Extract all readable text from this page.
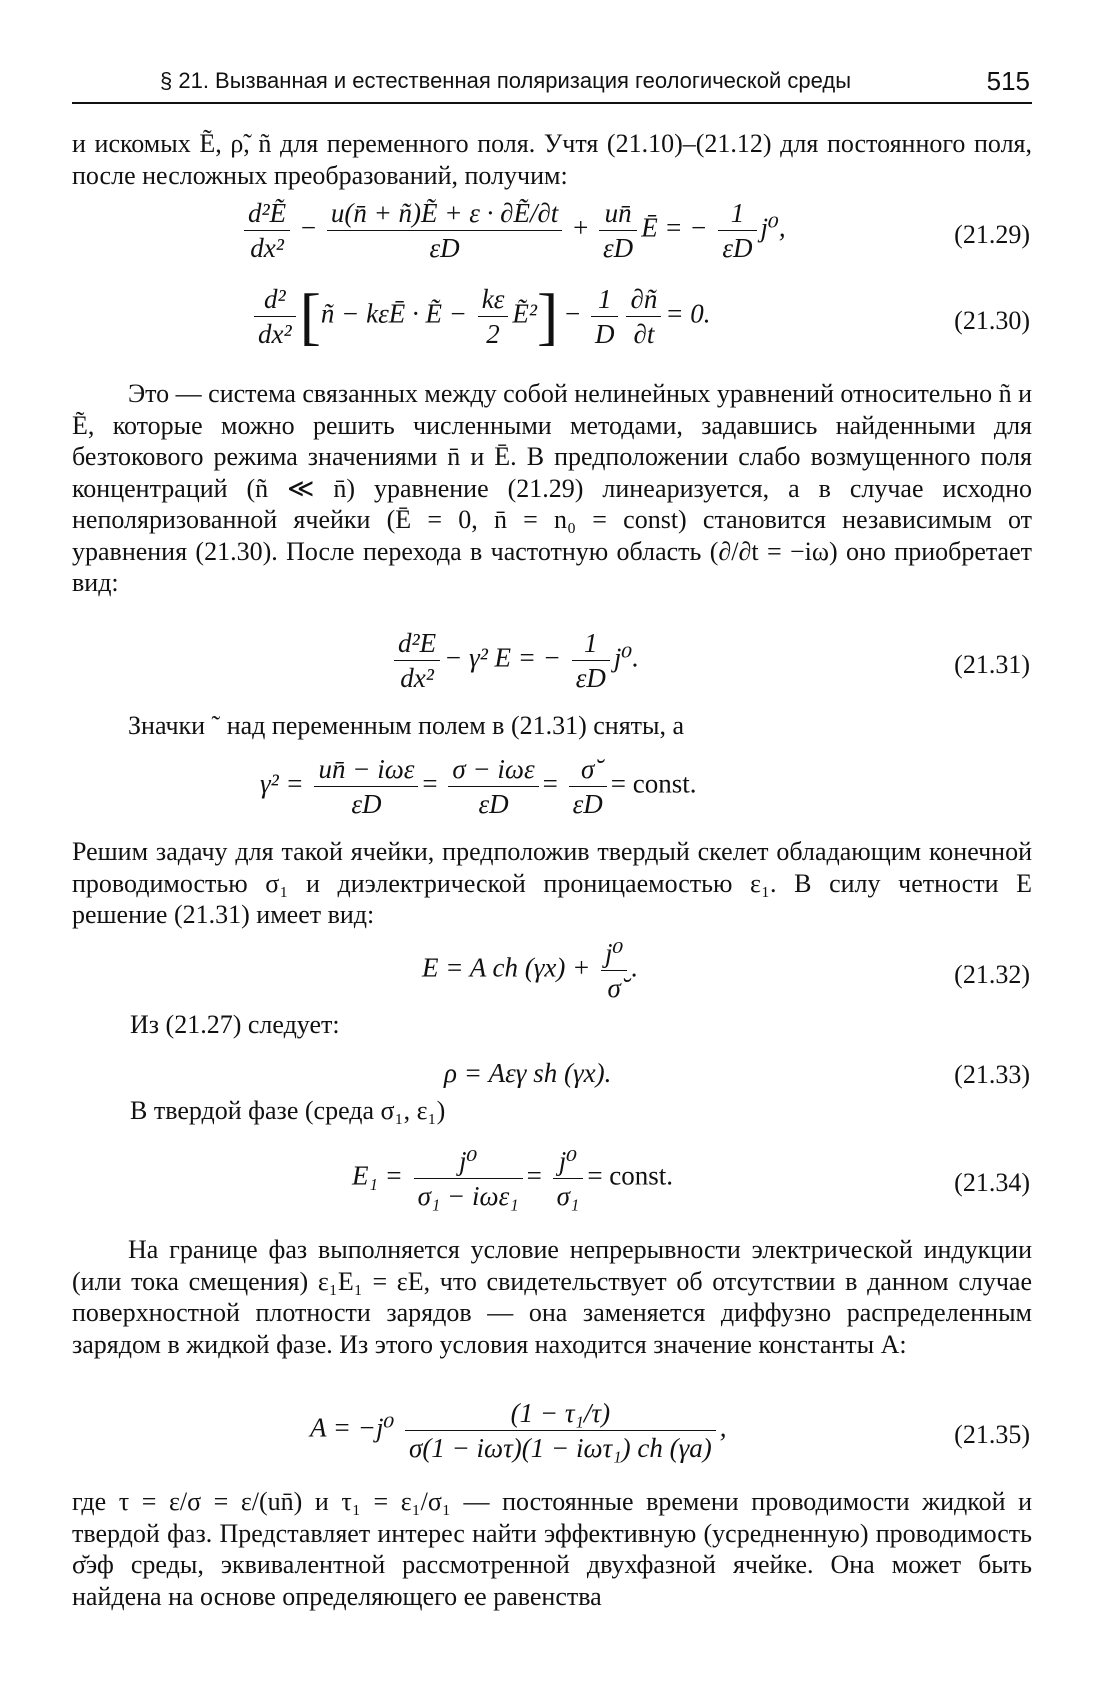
§ 21. Вызванная и естественная поляризация геологической среды	515

и искомых Ẽ, ρ̃, ñ для переменного поля. Учтя (21.10)–(21.12) для постоянного поля, после несложных преобразований, получим:

$\frac{\text{d²Ẽ}}{\text{dx²}} - \frac{\text{u(n̄ + ñ)Ẽ + ε · ∂Ẽ/∂t}}{\varepsilon D} + \frac{un̄}{\varepsilon D}$ Ē = − $\frac{1}{\varepsilon D} j^0$,	(21.29)
$\frac{\text{d²}}{\text{dx²}}$ [ñ − kεĒ · Ẽ − $\frac{k\varepsilon}{2}$ Ẽ²] − $\frac{1}{D} \frac{\partial ñ}{\partial t} = 0$.	(21.30)

Это — система связанных между собой нелинейных уравнений относительно ñ и Ẽ, которые можно решить численными методами, задавшись найденными для безтокового режима значениями n̄ и Ē. В предположении слабо возмущенного поля концентраций (ñ ≪ n̄) уравнение (21.29) линеаризуется, а в случае исходно неполяризованной ячейки (Ē = 0, n̄ = n₀ = const) становится независимым от уравнения (21.30). После перехода в частотную область (∂/∂t = −iω) оно приобретает вид:

$\frac{\text{d²E}}{\text{dx²}} - \gamma^2$ E = − $\frac{1}{\varepsilon D} j^0$.	(21.31)

Значки ˜ над переменным полем в (21.31) сняты, а

$\gamma^2 = \frac{\text{un̄ − iωε}}{\varepsilon D} = \frac{\text{σ − iωε}}{\varepsilon D} = \frac{\sigmă}{\varepsilon D}$ = const.

Решим задачу для такой ячейки, предположив твердый скелет обладающим конечной проводимостью σ₁ и диэлектрической проницаемостью ε₁. В силу четности E решение (21.31) имеет вид:

E = A ch $(\gamma x) + \frac{\text{j⁰}}{\sigmă}$ .	(21.32)

Из (21.27) следует:

ρ = Aεγ sh (γx).	(21.33)

В твердой фазе (среда σ₁, ε₁)

$E_1 = \frac{\text{j⁰}}{\text{σ₁ − iωε₁}} = \frac{\text{j⁰}}{\text{σ₁}}$ = const.	(21.34)

На границе фаз выполняется условие непрерывности электрической индукции (или тока смещения) ε₁E₁ = εE, что свидетельствует об отсутствии в данном случае поверхностной плотности зарядов — она заменяется диффузно распределенным зарядом в жидкой фазе. Из этого условия находится значение константы A:

$A = -j^0 \frac{\text{(1 − τ₁/τ)}}{\text{σ(1 − iωτ)(1 − iωτ₁) ch (γa)}}$ ,	(21.35)

где τ = ε/σ = ε/(un̄) и τ₁ = ε₁/σ₁ — постоянные времени проводимости жидкой и твердой фаз. Представляет интерес найти эффективную (усредненную) проводимость σ̆эф среды, эквивалентной рассмотренной двухфазной ячейке. Она может быть найдена на основе определяющего ее равенства
